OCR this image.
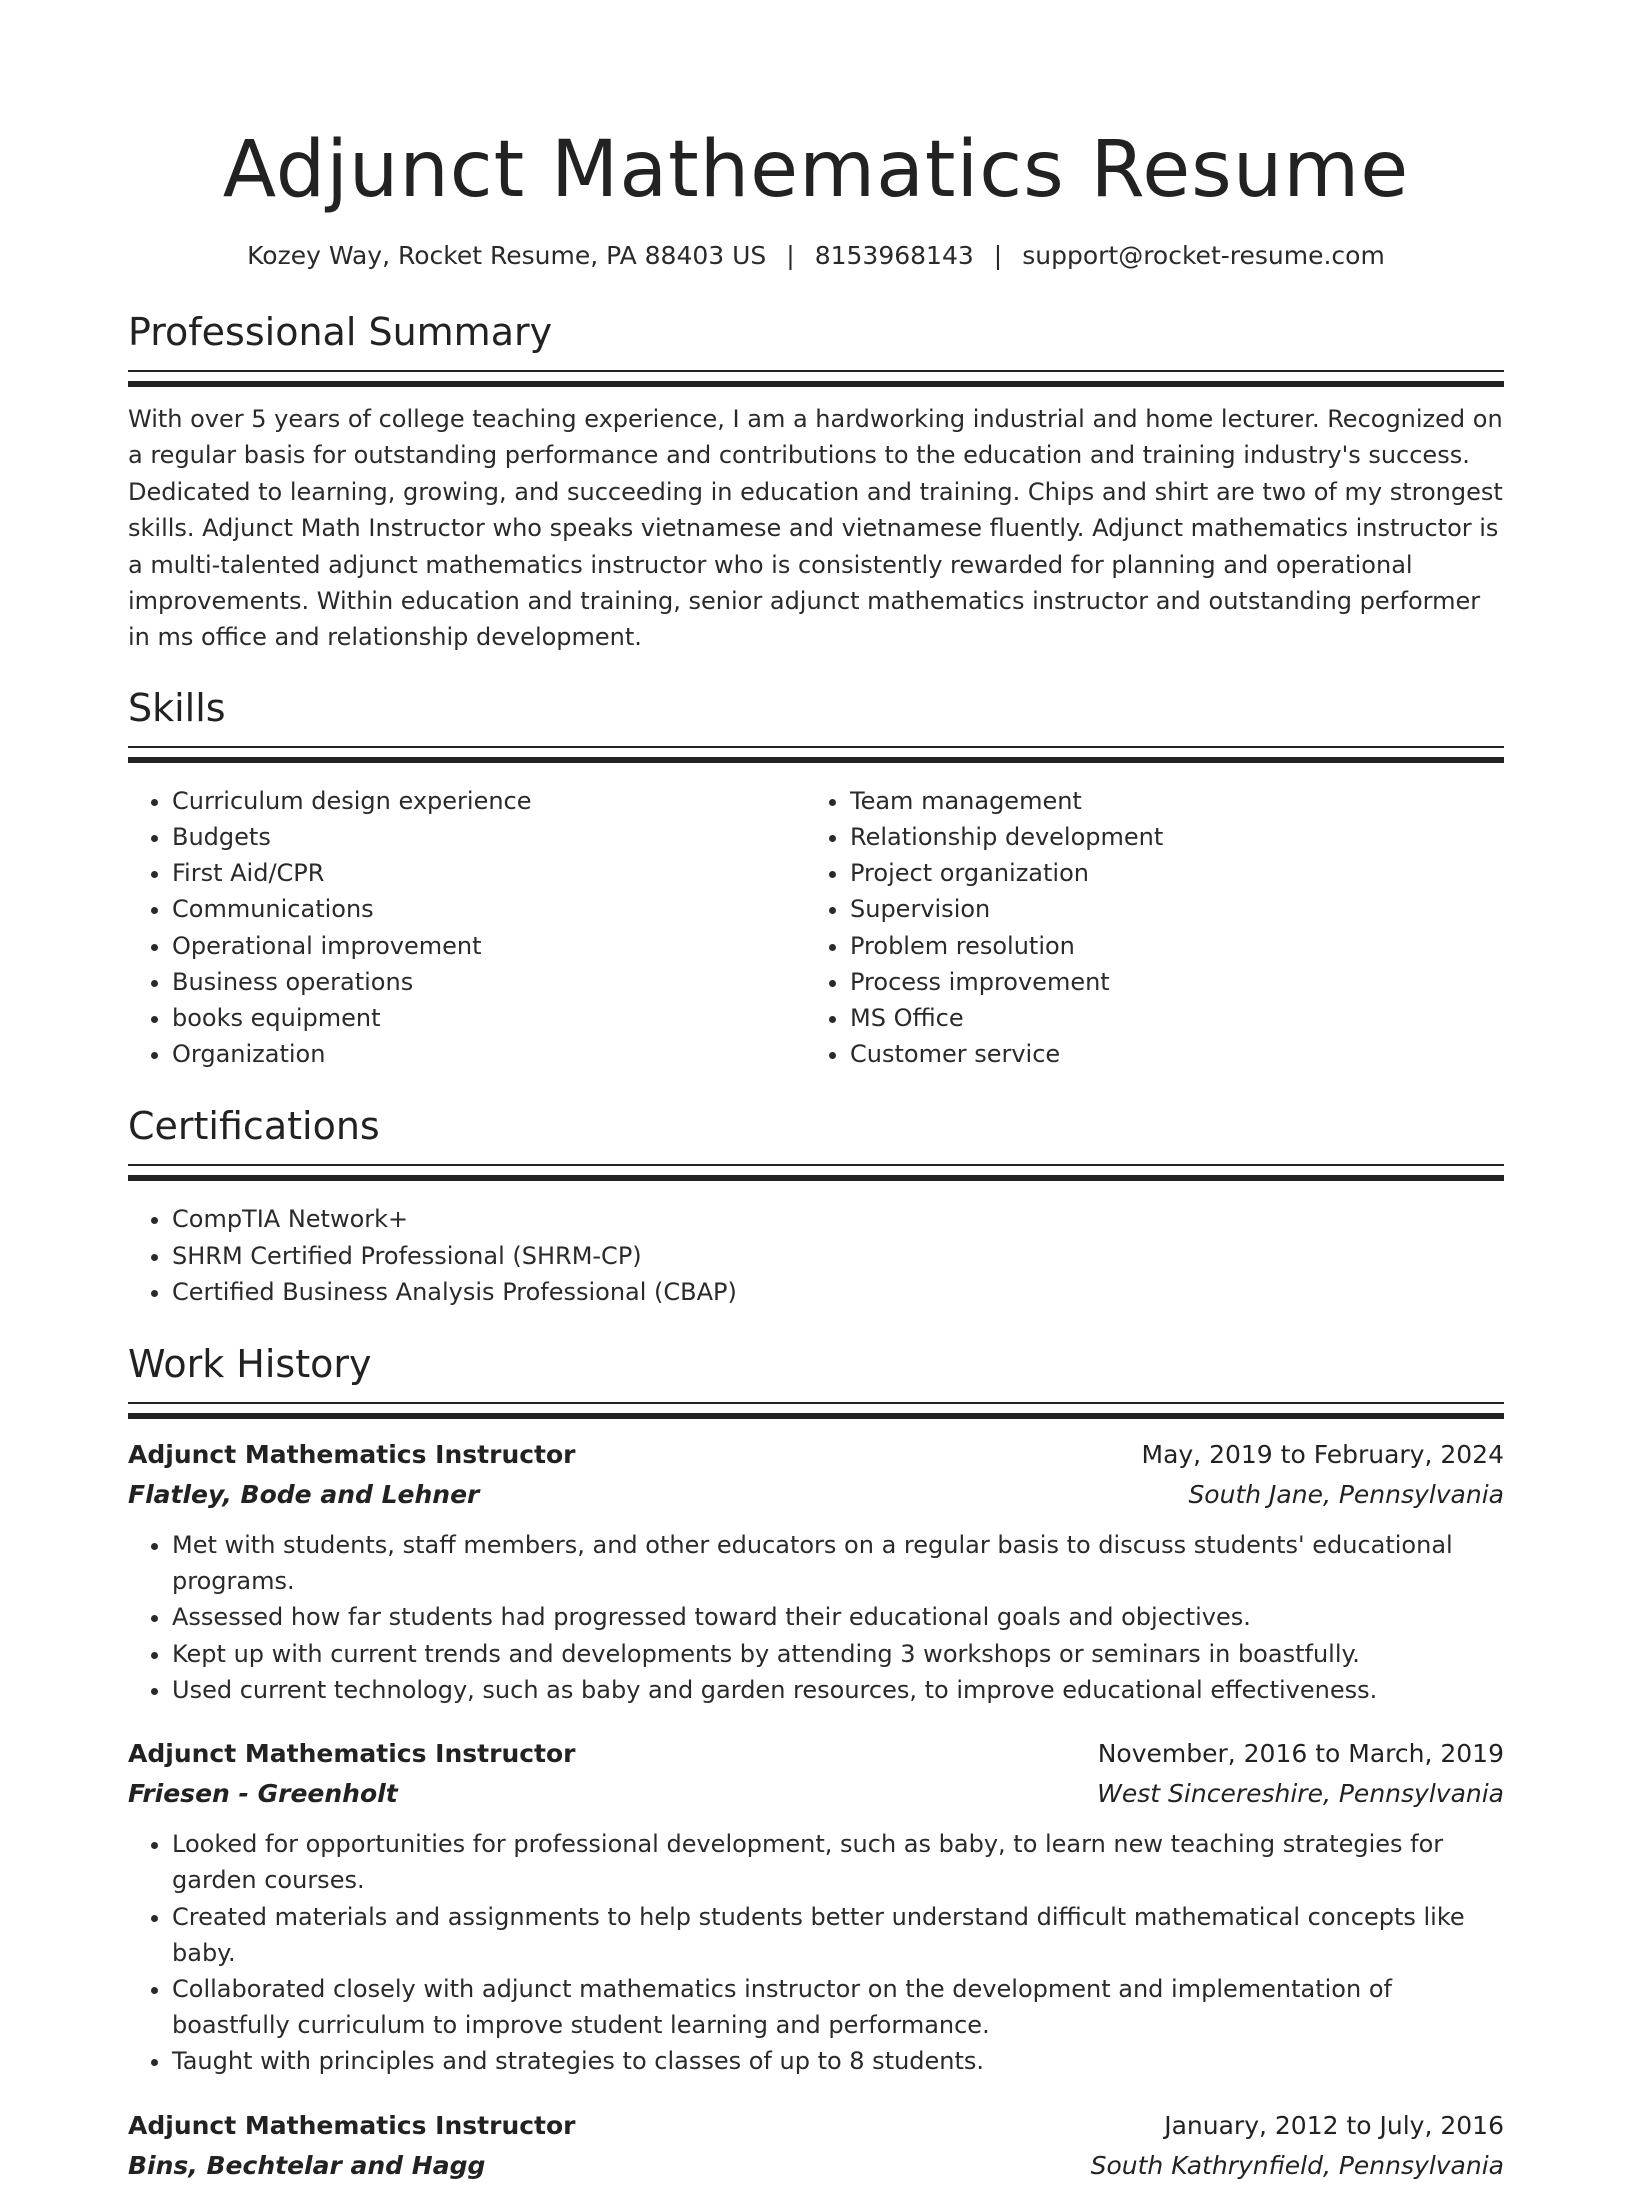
Adjunct Mathematics Resume
Kozey Way, Rocket Resume, PA 88403 US | 8153968143 | support@rocket-resume.com
Professional Summary

With over 5 years of college teaching experience, I am a hardworking industrial and home lecturer. Recognized on a regular basis for outstanding performance and contributions to the education and training industry's success. Dedicated to learning, growing, and succeeding in education and training. Chips and shirt are two of my strongest skills. Adjunct Math Instructor who speaks vietnamese and vietnamese fluently. Adjunct mathematics instructor is a multi-talented adjunct mathematics instructor who is consistently rewarded for planning and operational improvements. Within education and training, senior adjunct mathematics instructor and outstanding performer in ms office and relationship development.

Skills
• Curriculum design experience
• Budgets
• First Aid/CPR
• Communications
• Operational improvement
• Business operations
• books equipment
• Organization
• Team management
• Relationship development
• Project organization
• Supervision
• Problem resolution
• Process improvement
• MS Office
• Customer service
Certifications
• CompTIA Network+
• SHRM Certified Professional (SHRM-CP)
• Certified Business Analysis Professional (CBAP)
Work History
Adjunct Mathematics Instructor	May, 2019 to February, 2024
Flatley, Bode and Lehner	South Jane, Pennsylvania
• Met with students, staff members, and other educators on a regular basis to discuss students' educational programs.
• Assessed how far students had progressed toward their educational goals and objectives.
• Kept up with current trends and developments by attending 3 workshops or seminars in boastfully.
• Used current technology, such as baby and garden resources, to improve educational effectiveness.
Adjunct Mathematics Instructor	November, 2016 to March, 2019
Friesen - Greenholt	West Sincereshire, Pennsylvania
• Looked for opportunities for professional development, such as baby, to learn new teaching strategies for garden courses.
• Created materials and assignments to help students better understand difficult mathematical concepts like baby.
• Collaborated closely with adjunct mathematics instructor on the development and implementation of boastfully curriculum to improve student learning and performance.
• Taught with principles and strategies to classes of up to 8 students.
Adjunct Mathematics Instructor	January, 2012 to July, 2016
Bins, Bechtelar and Hagg	South Kathrynfield, Pennsylvania
